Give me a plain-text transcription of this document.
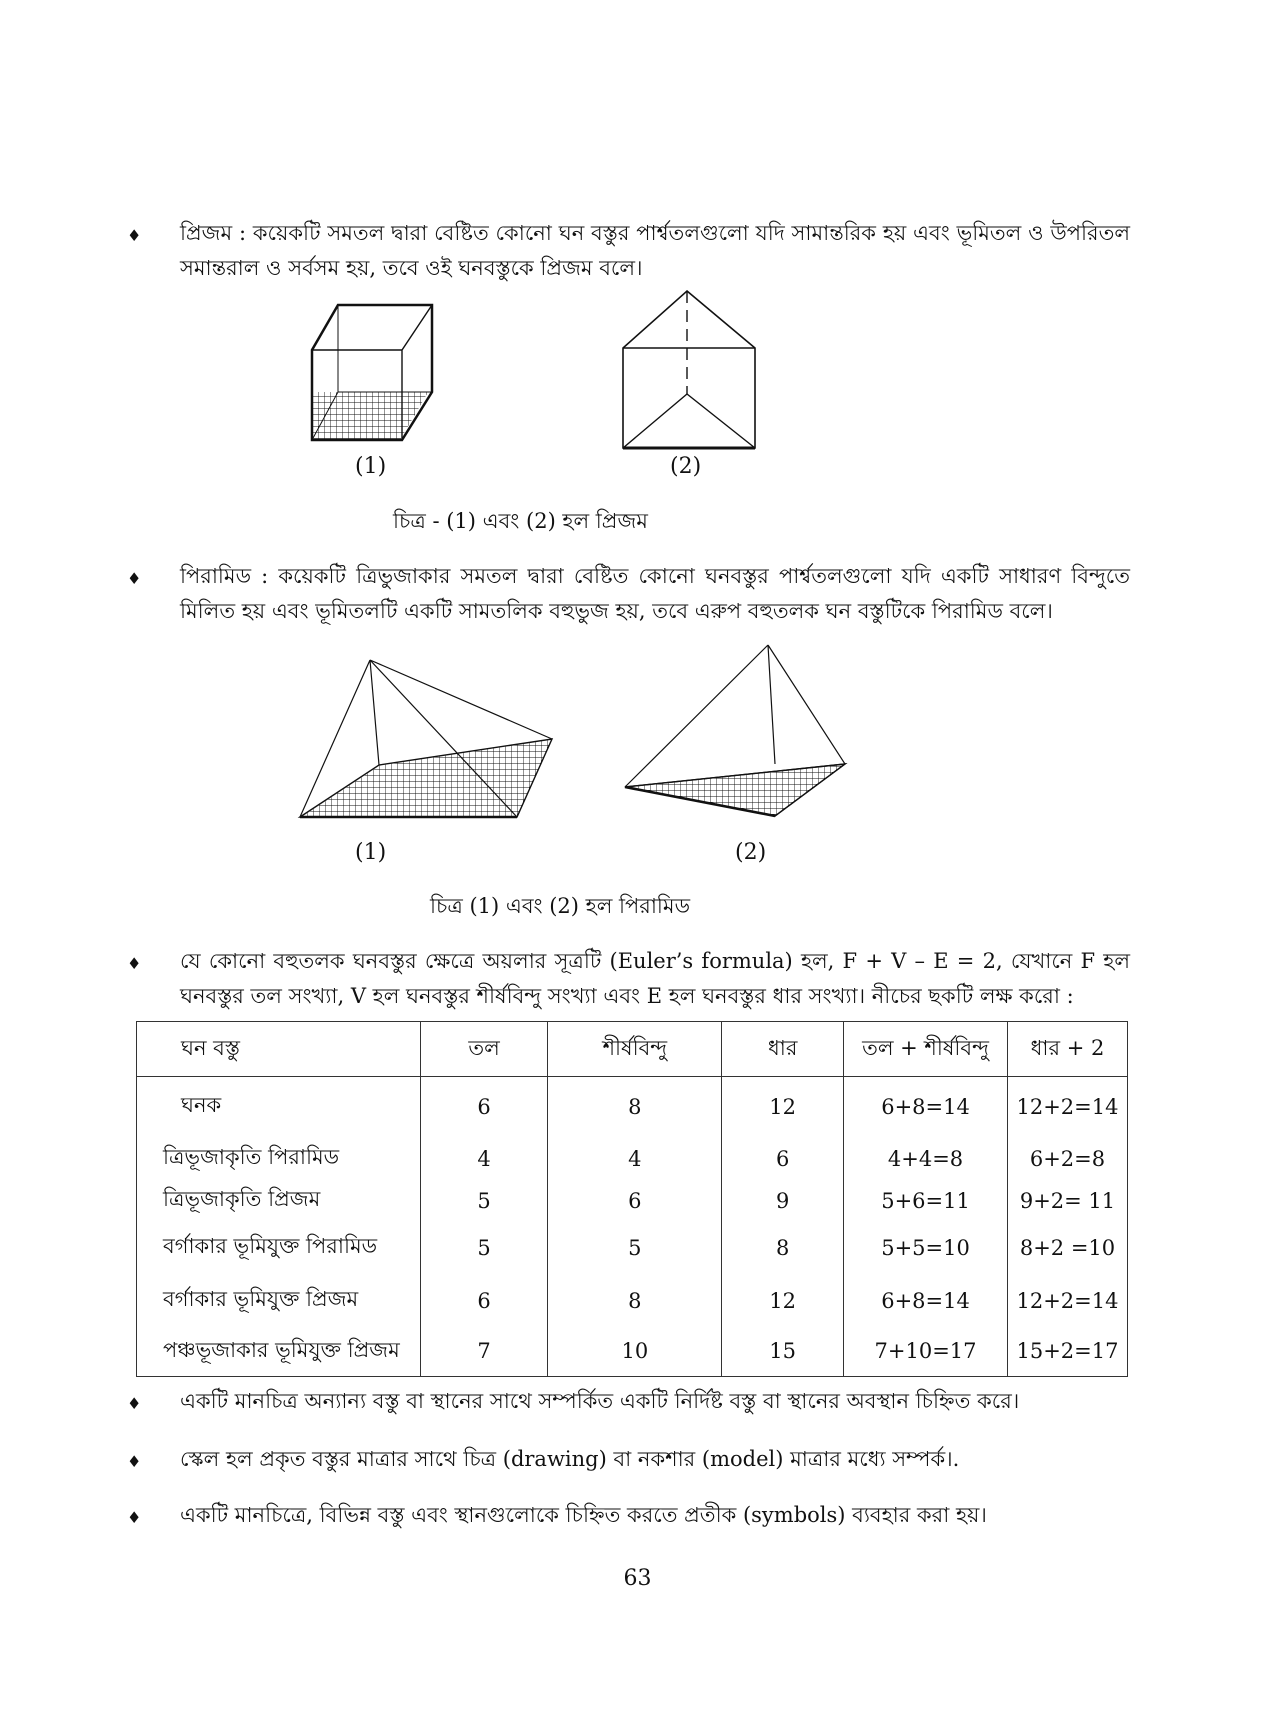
♦ প্রিজম : কয়েকটি সমতল দ্বারা বেষ্টিত কোনো ঘন বস্তুর পার্শ্বতলগুলো যদি সামান্তরিক হয় এবং ভূমিতল ও উপরিতল সমান্তরাল ও সর্বসম হয়, তবে ওই ঘনবস্তুকে প্রিজম বলে।
(1)	(2)
চিত্র - (1) এবং (2) হল প্রিজম
♦ পিরামিড : কয়েকটি ত্রিভুজাকার সমতল দ্বারা বেষ্টিত কোনো ঘনবস্তুর পার্শ্বতলগুলো যদি একটি সাধারণ বিন্দুতে মিলিত হয় এবং ভূমিতলটি একটি সামতলিক বহুভুজ হয়, তবে এরুপ বহুতলক ঘন বস্তুটিকে পিরামিড বলে।
(1)	(2)
চিত্র (1) এবং (2) হল পিরামিড
♦ যে কোনো বহুতলক ঘনবস্তুর ক্ষেত্রে অয়লার সূত্রটি (Euler’s formula) হল, F + V – E = 2, যেখানে F হল ঘনবস্তুর তল সংখ্যা, V হল ঘনবস্তুর শীর্ষবিন্দু সংখ্যা এবং E হল ঘনবস্তুর ধার সংখ্যা। নীচের ছকটি লক্ষ করো :
ঘন বস্তু	তল	শীর্ষবিন্দু	ধার	তল + শীর্ষবিন্দু	ধার + 2
ঘনক	6	8	12	6+8=14	12+2=14
ত্রিভূজাকৃতি পিরামিড	4	4	6	4+4=8	6+2=8
ত্রিভূজাকৃতি প্রিজম	5	6	9	5+6=11	9+2= 11
বর্গাকার ভূমিযুক্ত পিরামিড	5	5	8	5+5=10	8+2 =10
বর্গাকার ভূমিযুক্ত প্রিজম	6	8	12	6+8=14	12+2=14
পঞ্চভূজাকার ভূমিযুক্ত প্রিজম	7	10	15	7+10=17	15+2=17
♦ একটি মানচিত্র অন্যান্য বস্তু বা স্থানের সাথে সম্পর্কিত একটি নির্দিষ্ট বস্তু বা স্থানের অবস্থান চিহ্নিত করে।
♦ স্কেল হল প্রকৃত বস্তুর মাত্রার সাথে চিত্র (drawing) বা নকশার (model) মাত্রার মধ্যে সম্পর্ক।.
♦ একটি মানচিত্রে, বিভিন্ন বস্তু এবং স্থানগুলোকে চিহ্নিত করতে প্রতীক (symbols) ব্যবহার করা হয়।
63
